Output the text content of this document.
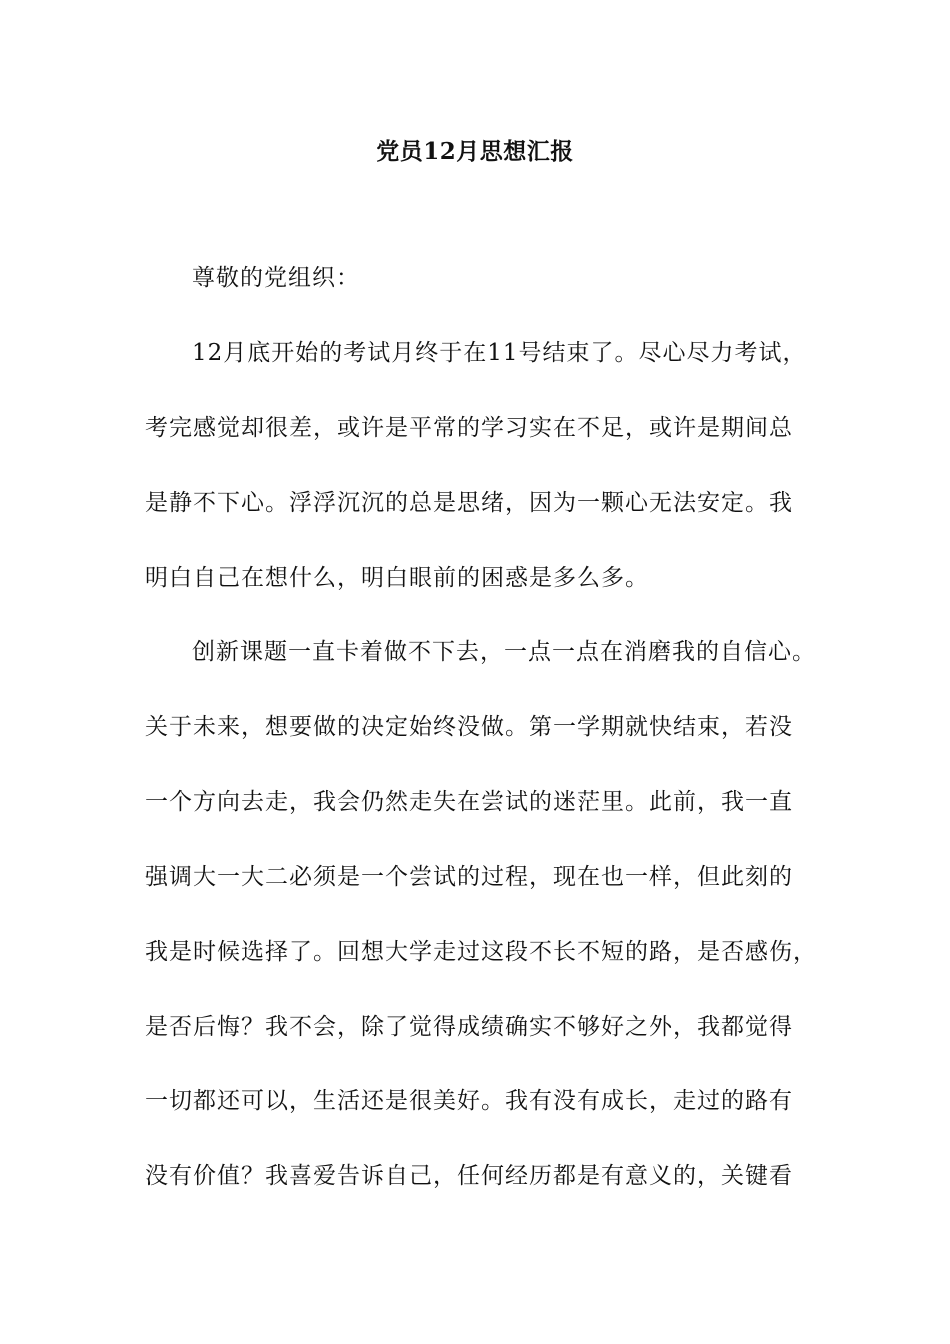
党员12月思想汇报
尊敬的党组织：
12月底开始的考试月终于在11号结束了。尽心尽力考试，
考完感觉却很差，或许是平常的学习实在不足，或许是期间总
是静不下心。浮浮沉沉的总是思绪，因为一颗心无法安定。我
明白自己在想什么，明白眼前的困惑是多么多。
创新课题一直卡着做不下去，一点一点在消磨我的自信心。
关于未来，想要做的决定始终没做。第一学期就快结束，若没
一个方向去走，我会仍然走失在尝试的迷茫里。此前，我一直
强调大一大二必须是一个尝试的过程，现在也一样，但此刻的
我是时候选择了。回想大学走过这段不长不短的路，是否感伤，
是否后悔？我不会，除了觉得成绩确实不够好之外，我都觉得
一切都还可以，生活还是很美好。我有没有成长，走过的路有
没有价值？我喜爱告诉自己，任何经历都是有意义的，关键看
